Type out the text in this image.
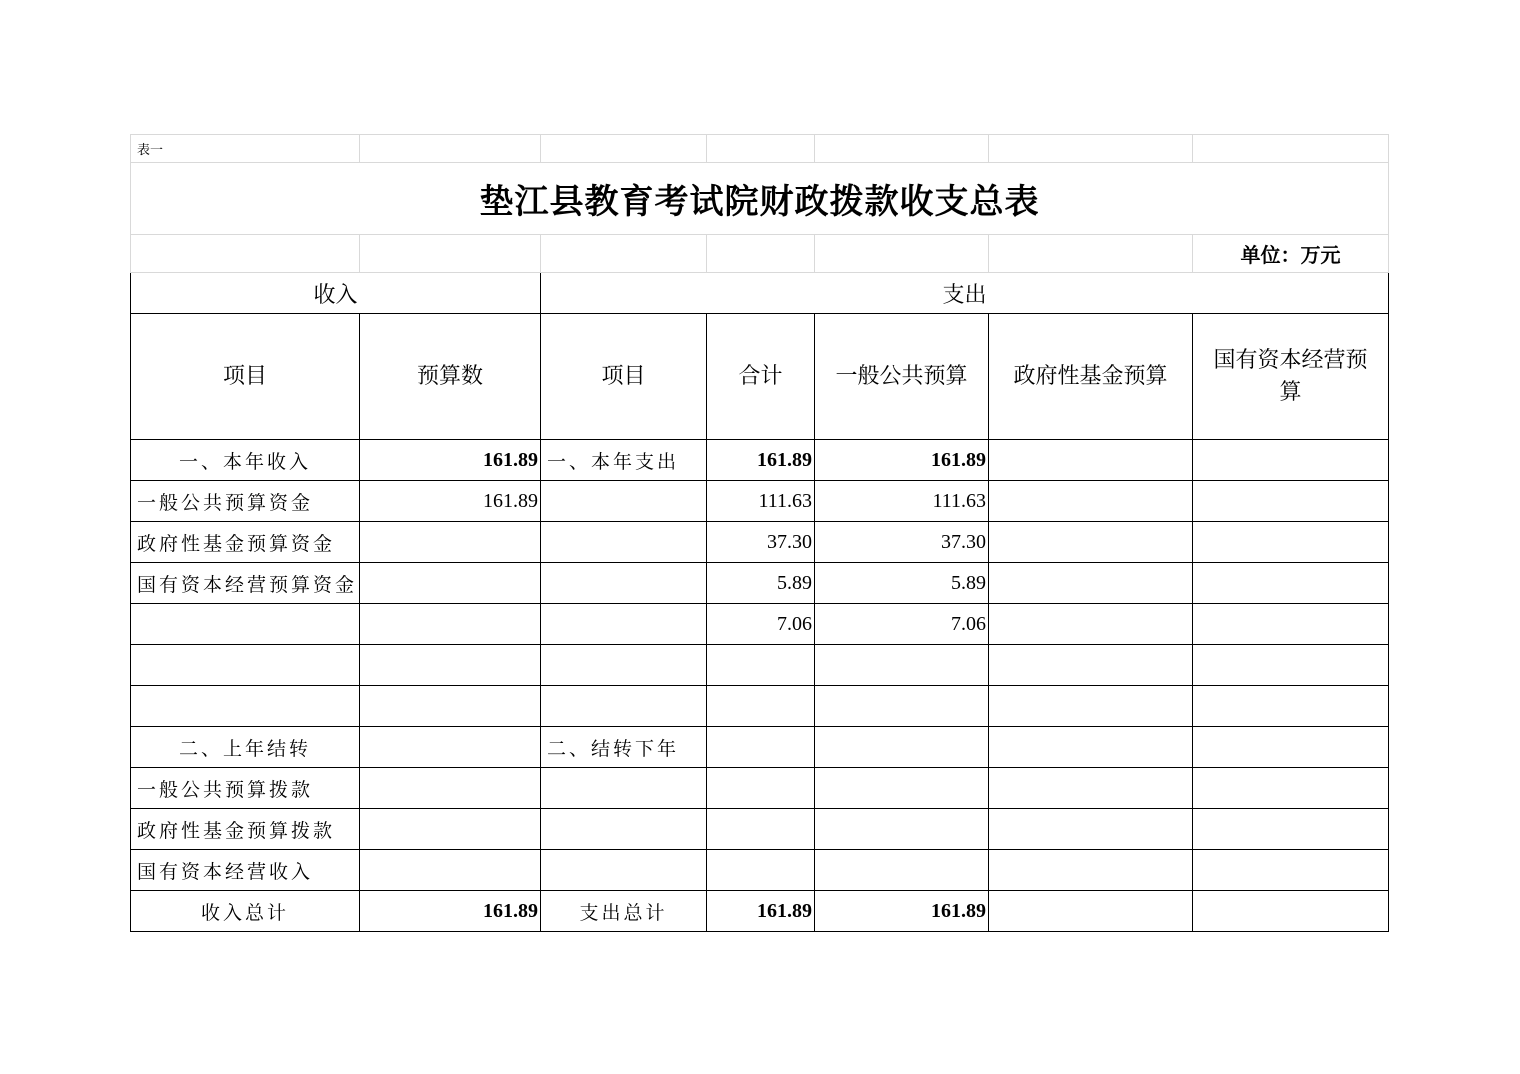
表一						
垫江县教育考试院财政拨款收支总表						
						单位：万元
收入		支出				
项目	预算数	项目	合计	一般公共预算	政府性基金预算	国有资本经营预算
一、本年收入	161.89	一、本年支出	161.89	161.89		
一般公共预算资金	161.89		111.63	111.63		
政府性基金预算资金			37.30	37.30		
国有资本经营预算资金			5.89	5.89		
			7.06	7.06		

二、上年结转		二、结转下年				
一般公共预算拨款						
政府性基金预算拨款						
国有资本经营收入						
收入总计	161.89	支出总计	161.89	161.89		
